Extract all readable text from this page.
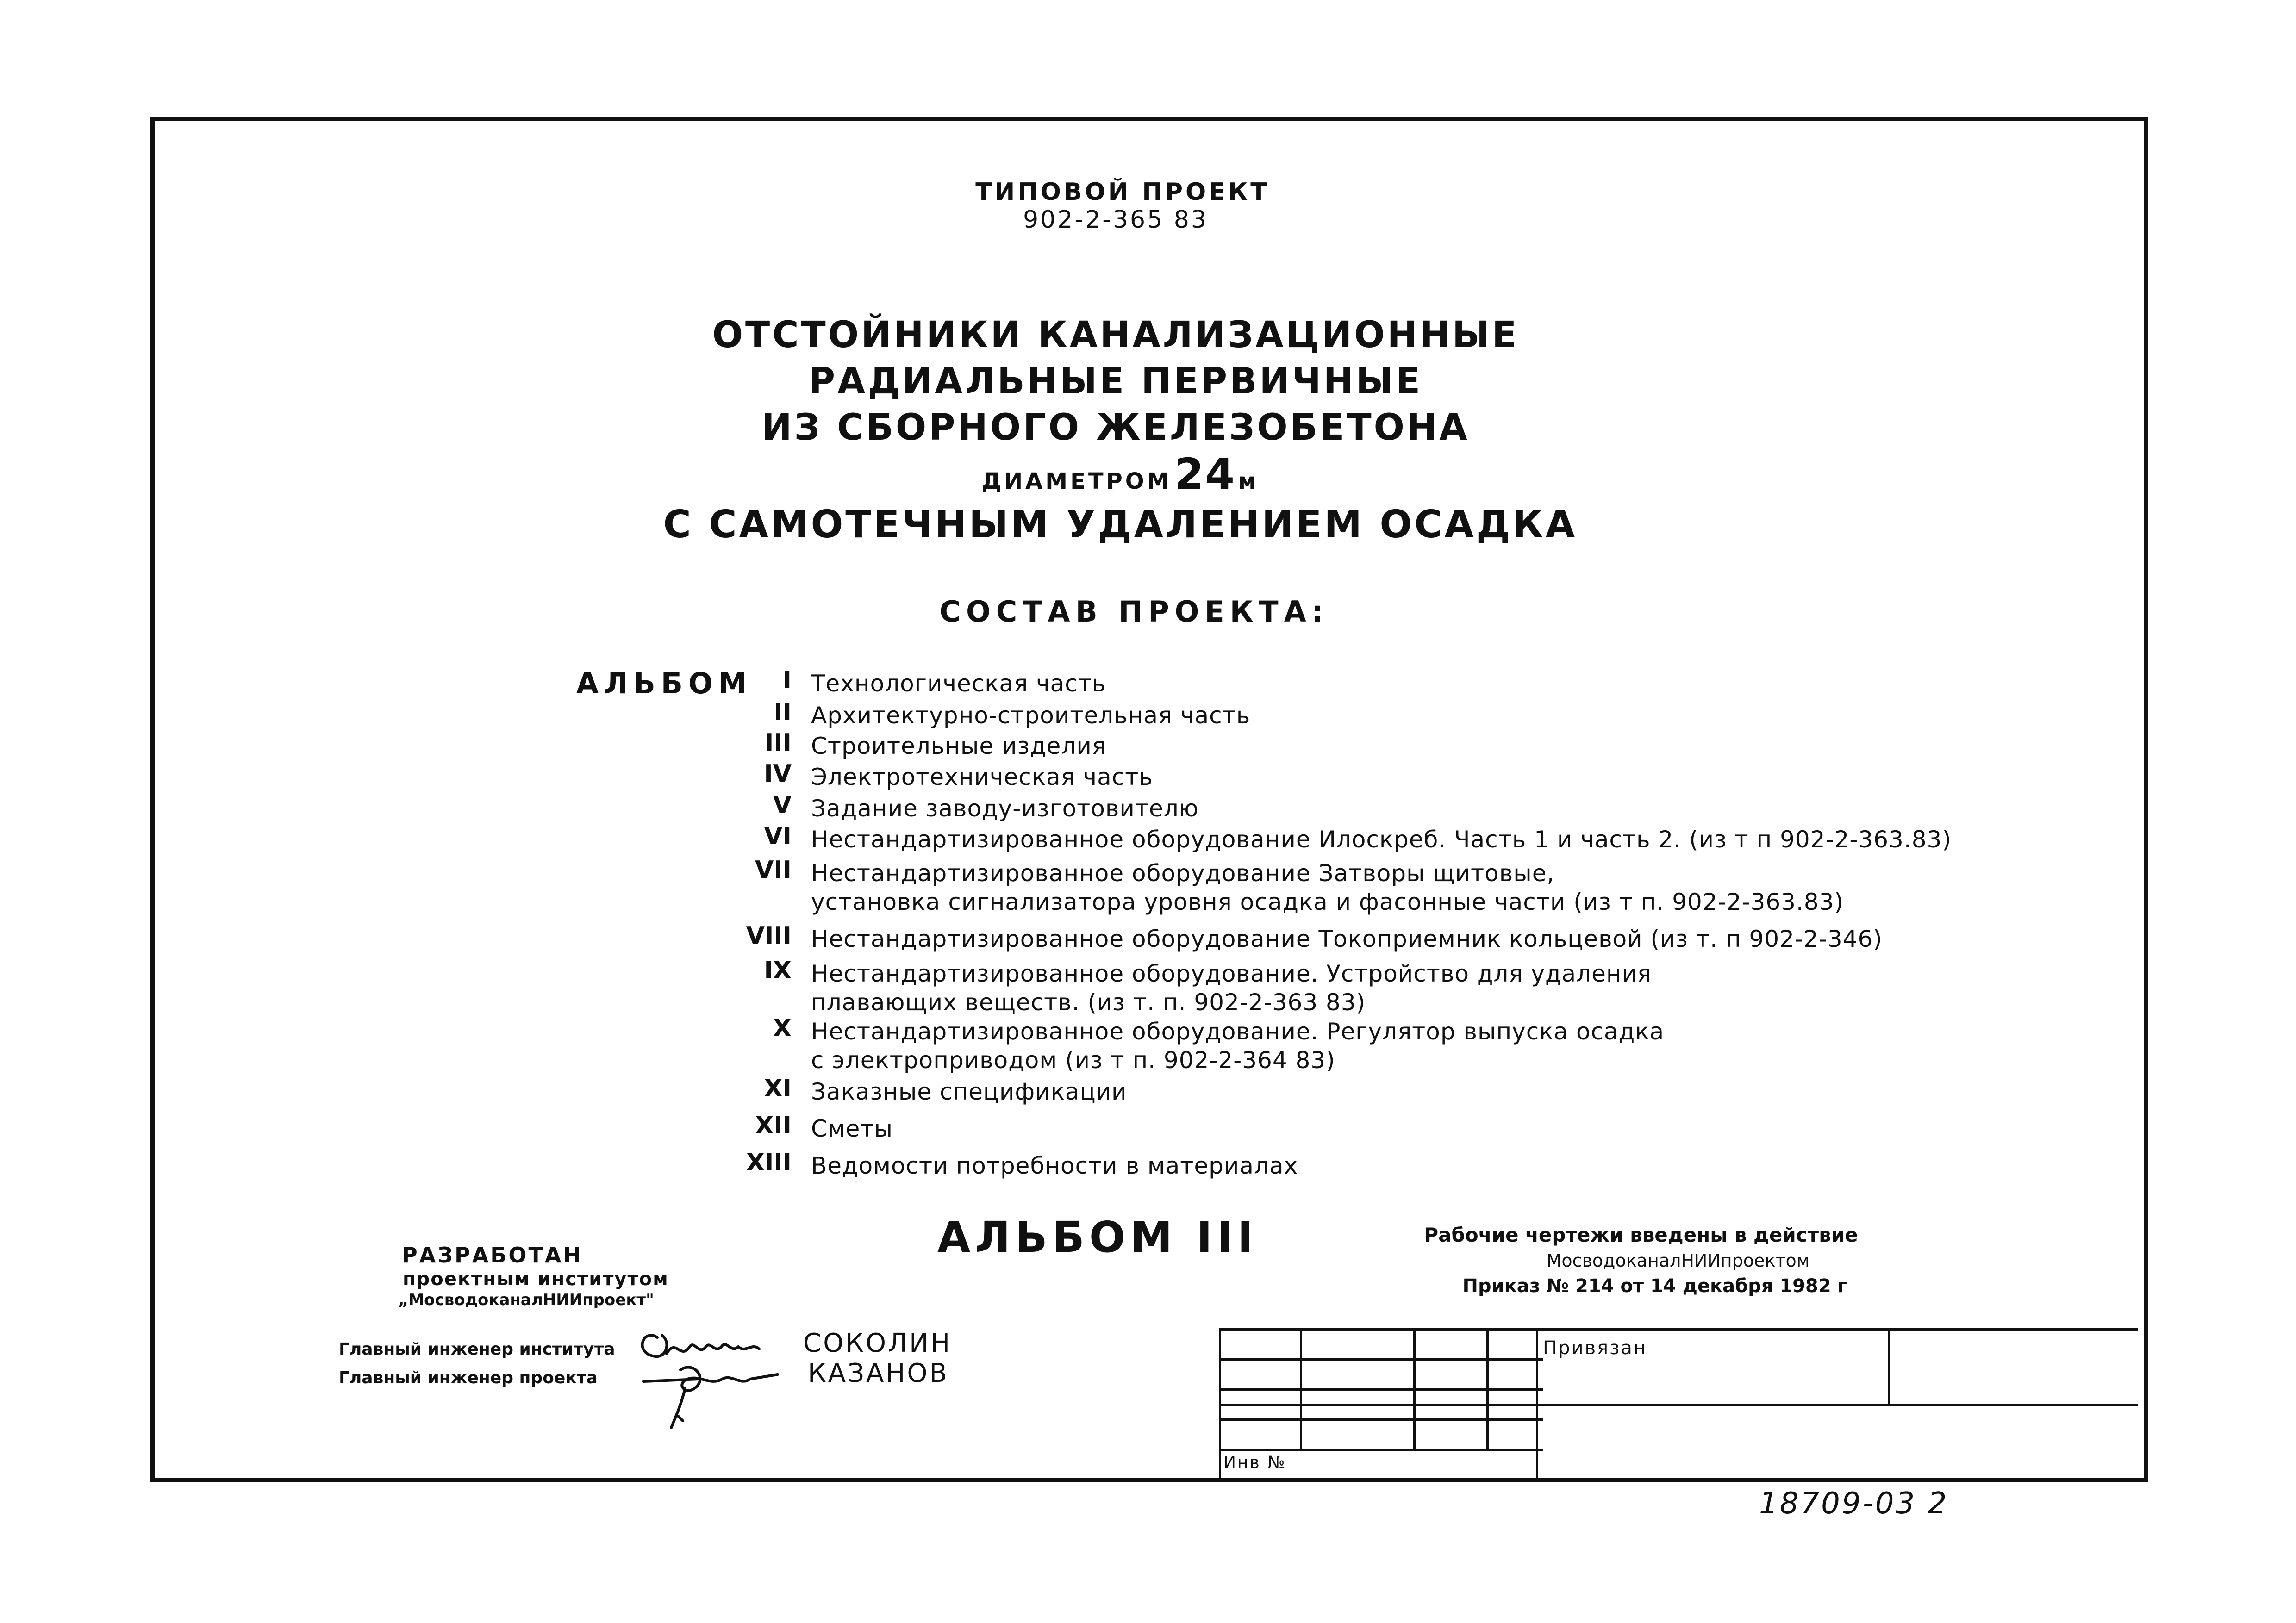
ТИПОВОЙ ПРОЕКТ
902-2-365 83
ОТСТОЙНИКИ КАНАЛИЗАЦИОННЫЕ
РАДИАЛЬНЫЕ ПЕРВИЧНЫЕ
ИЗ СБОРНОГО ЖЕЛЕЗОБЕТОНА
ДИАМЕТРОМ 24 м
С САМОТЕЧНЫМ УДАЛЕНИЕМ ОСАДКА
СОСТАВ ПРОЕКТА:
АЛЬБОМ	I Технологическая часть
II Архитектурно-строительная часть
III Строительные изделия
IV Электротехническая часть
V Задание заводу-изготовителю
VI Нестандартизированное оборудование Илоскреб. Часть 1 и часть 2. (из т п 902-2-363.83)
VII Нестандартизированное оборудование Затворы щитовые,
установка сигнализатора уровня осадка и фасонные части (из т п. 902-2-363.83)
VIII Нестандартизированное оборудование Токоприемник кольцевой (из т. п 902-2-346)
IX Нестандартизированное оборудование. Устройство для удаления
плавающих веществ. (из т. п. 902-2-363 83)
X Нестандартизированное оборудование. Регулятор выпуска осадка
с электроприводом (из т п. 902-2-364 83)
XI Заказные спецификации
XII Сметы
XIII Ведомости потребности в материалах
АЛЬБОМ III
РАЗРАБОТАН
проектным институтом
„МосводоканалНИИпроект"
Главный инженер института
Главный инженер проекта
СОКОЛИН
КАЗАНОВ
Рабочие чертежи введены в действие
МосводоканалНИИпроектом
Приказ № 214 от 14 декабря 1982 г
Привязан
Инв №
18709-03 2
